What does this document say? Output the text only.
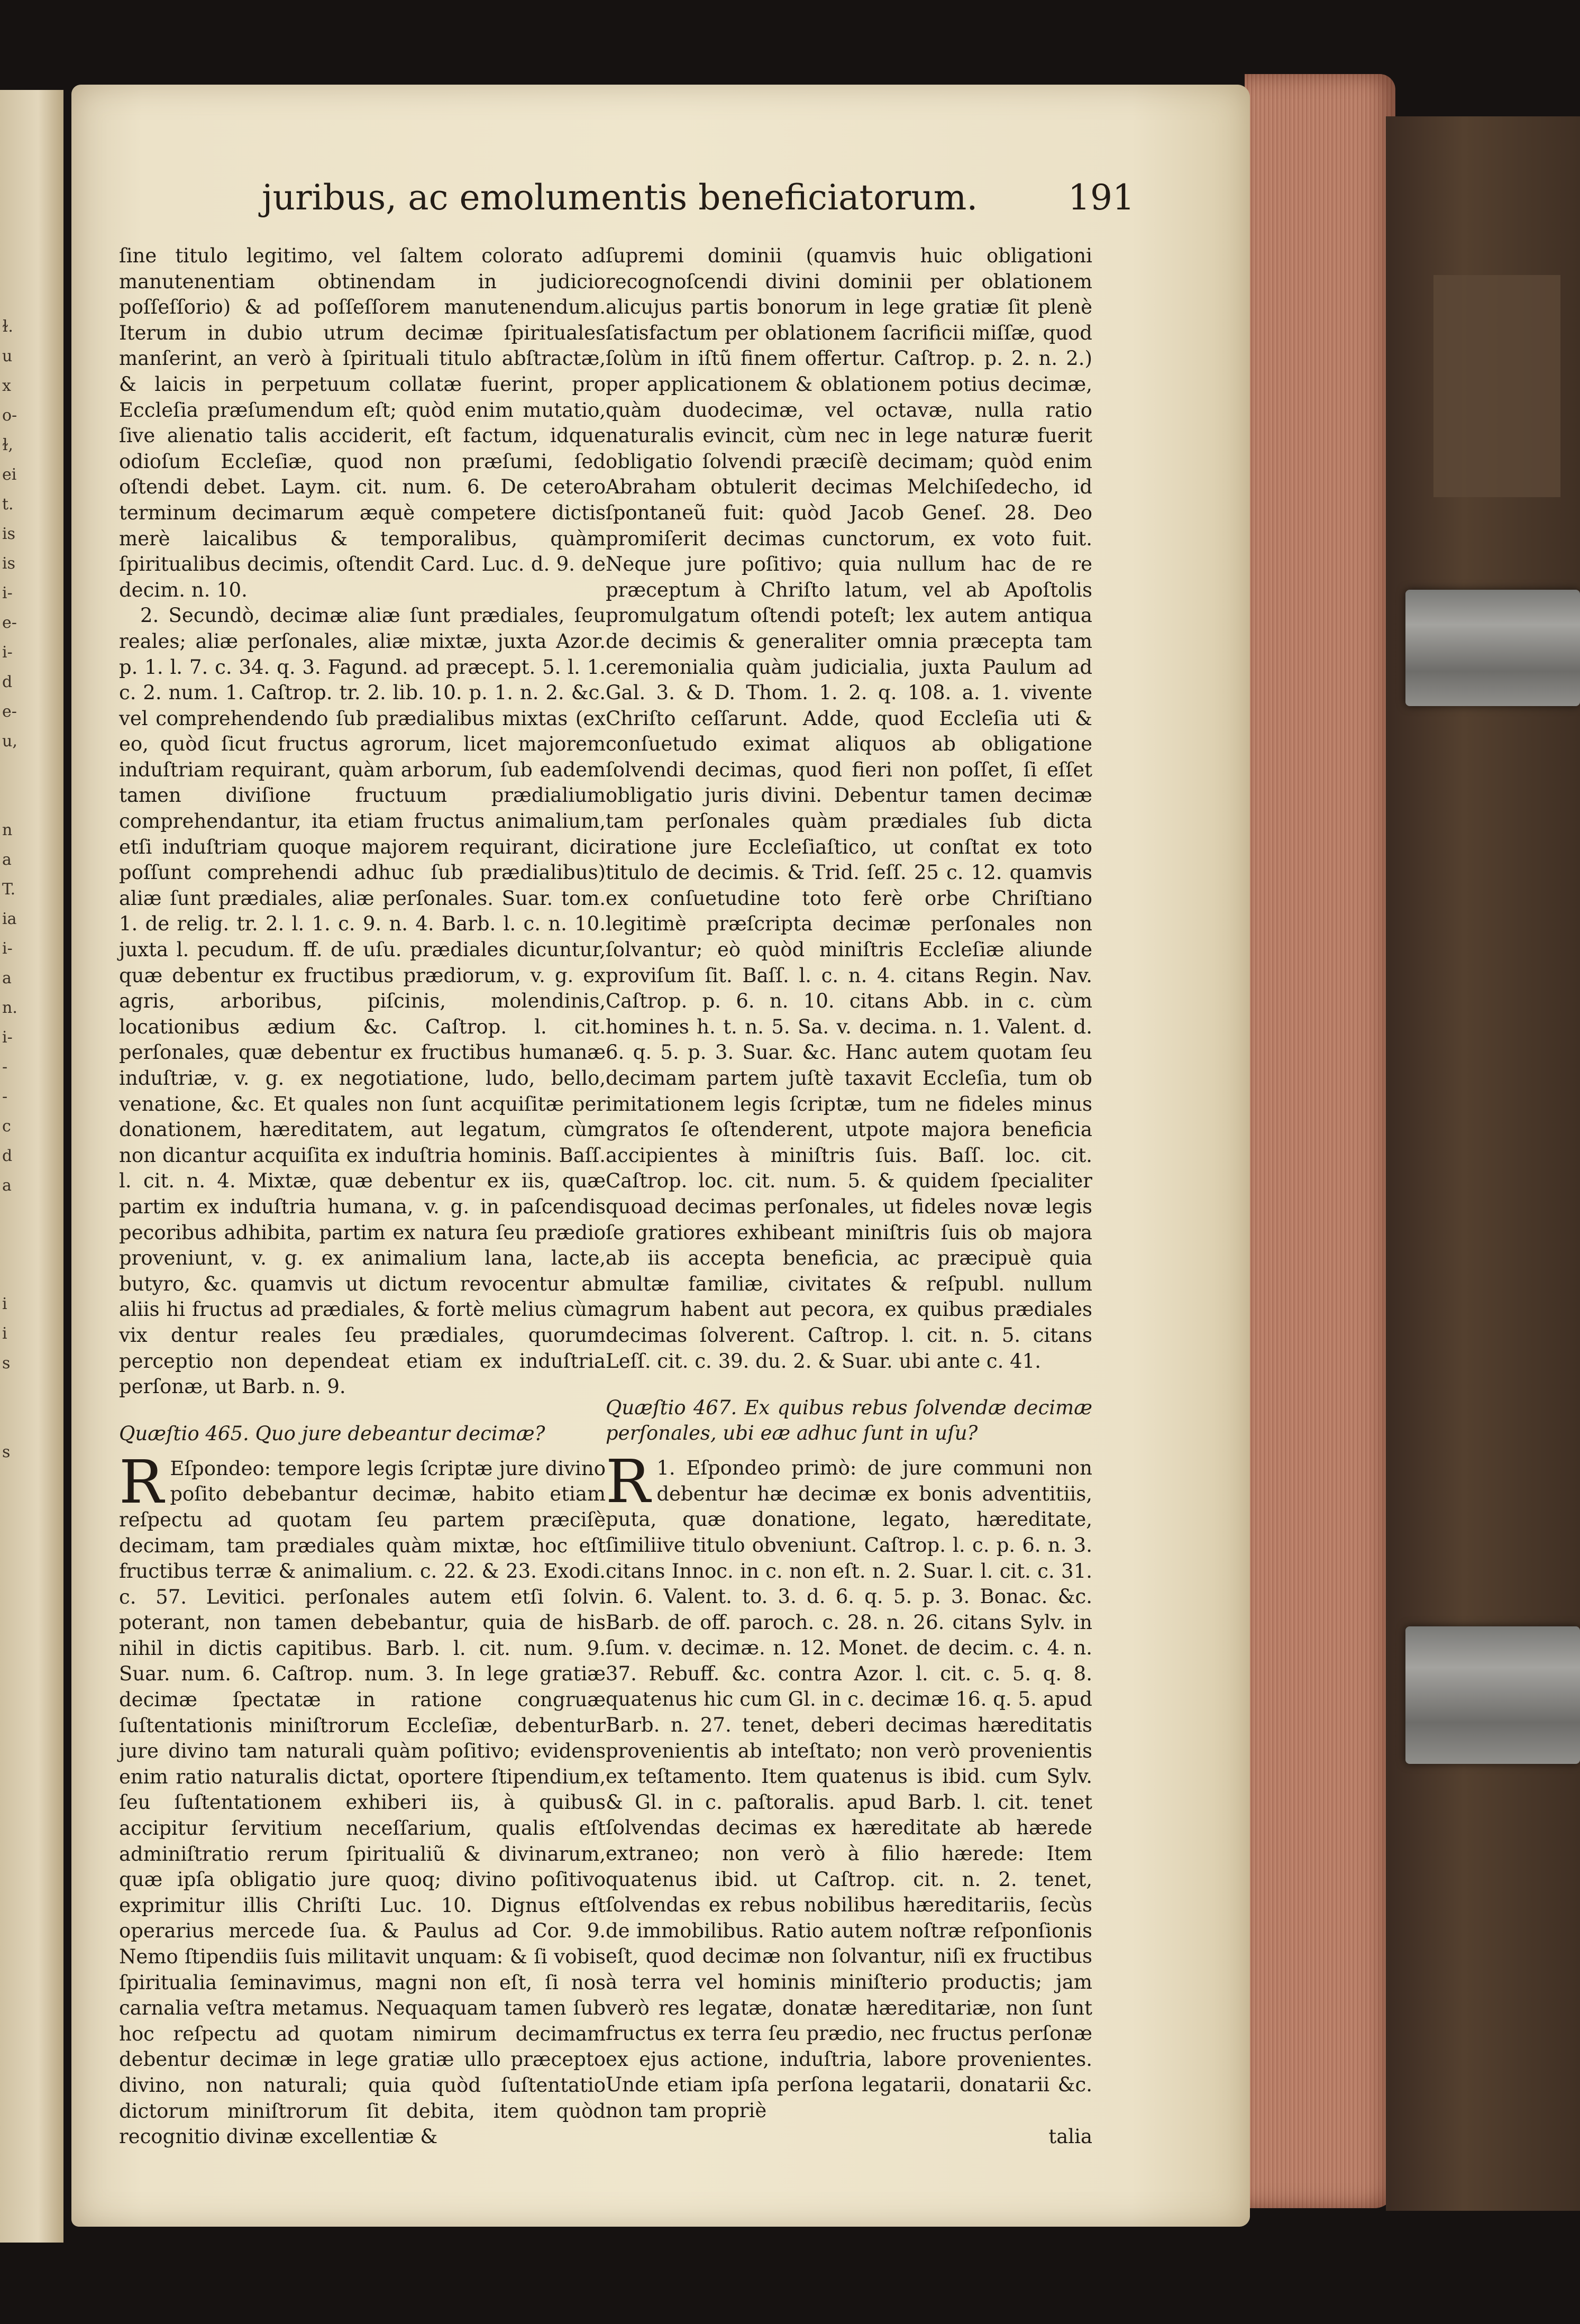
ɫ.
u
x
o-
ɫ,
ei
t.
is
is
i-
e-
i-
d
e-
u,

n
a
T.
ia
i-
a
n.
i-
-
-
c
d
a

i
i
s

s
juribus, ac emolumentis beneficiatorum.	191

ſine titulo legitimo, vel ſaltem colorato ad manutenentiam obtinendam in judicio poſſeſſorio) & ad poſſeſſorem manutenendum. Iterum in dubio utrum decimæ ſpirituales manſerint, an verò à ſpirituali titulo abſtractæ, & laicis in perpetuum collatæ fuerint, pro Eccleſia præſumendum eſt; quòd enim mutatio, ſive alienatio talis acciderit, eſt factum, idque odioſum Eccleſiæ, quod non præſumi, ſed oſtendi debet. Laym. cit. num. 6. De cetero terminum decimarum æquè competere dictis merè laicalibus & temporalibus, quàm ſpiritualibus decimis, oſtendit Card. Luc. d. 9. de decim. n. 10.

2. Secundò, decimæ aliæ ſunt prædiales, ſeu reales; aliæ perſonales, aliæ mixtæ, juxta Azor. p. 1. l. 7. c. 34. q. 3. Fagund. ad præcept. 5. l. 1. c. 2. num. 1. Caſtrop. tr. 2. lib. 10. p. 1. n. 2. &c. vel comprehendendo ſub prædialibus mixtas (ex eo, quòd ſicut fructus agrorum, licet majorem induſtriam requirant, quàm arborum, ſub eadem tamen diviſione fructuum prædialium comprehendantur, ita etiam fructus animalium, etſi induſtriam quoque majorem requirant, dici poſſunt comprehendi adhuc ſub prædialibus) aliæ ſunt prædiales, aliæ perſonales. Suar. tom. 1. de relig. tr. 2. l. 1. c. 9. n. 4. Barb. l. c. n. 10. juxta l. pecudum. ff. de uſu. prædiales dicuntur, quæ debentur ex fructibus prædiorum, v. g. ex agris, arboribus, piſcinis, molendinis, locationibus ædium &c. Caſtrop. l. cit. perſonales, quæ debentur ex fructibus humanæ induſtriæ, v. g. ex negotiatione, ludo, bello, venatione, &c. Et quales non ſunt acquiſitæ per donationem, hæreditatem, aut legatum, cùm non dicantur acquiſita ex induſtria hominis. Baſſ. l. cit. n. 4. Mixtæ, quæ debentur ex iis, quæ partim ex induſtria humana, v. g. in paſcendis pecoribus adhibita, partim ex natura ſeu prædio proveniunt, v. g. ex animalium lana, lacte, butyro, &c. quamvis ut dictum revocentur ab aliis hi fructus ad prædiales, & fortè melius cùm vix dentur reales ſeu prædiales, quorum perceptio non dependeat etiam ex induſtria perſonæ, ut Barb. n. 9.

Quæſtio 465. Quo jure debeantur decimæ?

R Eſpondeo: tempore legis ſcriptæ jure divino poſito debebantur decimæ, habito etiam reſpectu ad quotam ſeu partem præciſè decimam, tam prædiales quàm mixtæ, hoc eſt fructibus terræ & animalium. c. 22. & 23. Exodi. c. 57. Levitici. perſonales autem etſi ſolvi poterant, non tamen debebantur, quia de his nihil in dictis capitibus. Barb. l. cit. num. 9. Suar. num. 6. Caſtrop. num. 3. In lege gratiæ decimæ ſpectatæ in ratione congruæ ſuſtentationis miniſtrorum Eccleſiæ, debentur jure divino tam naturali quàm poſitivo; evidens enim ratio naturalis dictat, oportere ſtipendium, ſeu ſuſtentationem exhiberi iis, à quibus accipitur ſervitium neceſſarium, qualis eſt adminiſtratio rerum ſpiritualiũ & divinarum, quæ ipſa obligatio jure quoq; divino poſitivo exprimitur illis Chriſti Luc. 10. Dignus eſt operarius mercede ſua. & Paulus ad Cor. 9. Nemo ſtipendiis ſuis militavit unquam: & ſi vobis ſpiritualia ſeminavimus, magni non eſt, ſi nos carnalia veſtra metamus. Nequaquam tamen ſub hoc reſpectu ad quotam nimirum decimam debentur decimæ in lege gratiæ ullo præcepto divino, non naturali; quia quòd ſuſtentatio dictorum miniſtrorum ſit debita, item quòd recognitio divinæ excellentiæ &

ſupremi dominii (quamvis huic obligationi recognoſcendi divini dominii per oblationem alicujus partis bonorum in lege gratiæ ſit plenè ſatisfactum per oblationem ſacrificii miſſæ, quod ſolùm in iſtũ finem offertur. Caſtrop. p. 2. n. 2.) per applicationem & oblationem potius decimæ, quàm duodecimæ, vel octavæ, nulla ratio naturalis evincit, cùm nec in lege naturæ fuerit obligatio ſolvendi præciſè decimam; quòd enim Abraham obtulerit decimas Melchiſedecho, id ſpontaneũ fuit: quòd Jacob Geneſ. 28. Deo promiſerit decimas cunctorum, ex voto fuit. Neque jure poſitivo; quia nullum hac de re præceptum à Chriſto latum, vel ab Apoſtolis promulgatum oſtendi poteſt; lex autem antiqua de decimis & generaliter omnia præcepta tam ceremonialia quàm judicialia, juxta Paulum ad Gal. 3. & D. Thom. 1. 2. q. 108. a. 1. vivente Chriſto ceſſarunt. Adde, quod Eccleſia uti & conſuetudo eximat aliquos ab obligatione ſolvendi decimas, quod fieri non poſſet, ſi eſſet obligatio juris divini. Debentur tamen decimæ tam perſonales quàm prædiales ſub dicta ratione jure Eccleſiaſtico, ut conſtat ex toto titulo de decimis. & Trid. ſeſſ. 25 c. 12. quamvis ex conſuetudine toto ferè orbe Chriſtiano legitimè præſcripta decimæ perſonales non ſolvantur; eò quòd miniſtris Eccleſiæ aliunde proviſum ſit. Baſſ. l. c. n. 4. citans Regin. Nav. Caſtrop. p. 6. n. 10. citans Abb. in c. cùm homines h. t. n. 5. Sa. v. decima. n. 1. Valent. d. 6. q. 5. p. 3. Suar. &c. Hanc autem quotam ſeu decimam partem juſtè taxavit Eccleſia, tum ob imitationem legis ſcriptæ, tum ne fideles minus gratos ſe oſtenderent, utpote majora beneficia accipientes à miniſtris ſuis. Baſſ. loc. cit. Caſtrop. loc. cit. num. 5. & quidem ſpecialiter quoad decimas perſonales, ut fideles novæ legis ſe gratiores exhibeant miniſtris ſuis ob majora ab iis accepta beneficia, ac præcipuè quia multæ familiæ, civitates & reſpubl. nullum agrum habent aut pecora, ex quibus prædiales decimas ſolverent. Caſtrop. l. cit. n. 5. citans Leſſ. cit. c. 39. du. 2. & Suar. ubi ante c. 41.

Quæſtio 467. Ex quibus rebus ſolvendæ decimæ perſonales, ubi eæ adhuc ſunt in uſu?

R 1. Eſpondeo primò: de jure communi non debentur hæ decimæ ex bonis adventitiis, puta, quæ donatione, legato, hæreditate, ſimiliive titulo obveniunt. Caſtrop. l. c. p. 6. n. 3. citans Innoc. in c. non eſt. n. 2. Suar. l. cit. c. 31. n. 6. Valent. to. 3. d. 6. q. 5. p. 3. Bonac. &c. Barb. de off. paroch. c. 28. n. 26. citans Sylv. in ſum. v. decimæ. n. 12. Monet. de decim. c. 4. n. 37. Rebuff. &c. contra Azor. l. cit. c. 5. q. 8. quatenus hic cum Gl. in c. decimæ 16. q. 5. apud Barb. n. 27. tenet, deberi decimas hæreditatis provenientis ab inteſtato; non verò provenientis ex teſtamento. Item quatenus is ibid. cum Sylv. & Gl. in c. paſtoralis. apud Barb. l. cit. tenet ſolvendas decimas ex hæreditate ab hærede extraneo; non verò à filio hærede: Item quatenus ibid. ut Caſtrop. cit. n. 2. tenet, ſolvendas ex rebus nobilibus hæreditariis, ſecùs de immobilibus. Ratio autem noſtræ reſponſionis eſt, quod decimæ non ſolvantur, niſi ex fructibus à terra vel hominis miniſterio productis; jam verò res legatæ, donatæ hæreditariæ, non ſunt fructus ex terra ſeu prædio, nec fructus perſonæ ex ejus actione, induſtria, labore provenientes. Unde etiam ipſa perſona legatarii, donatarii &c. non tam propriè

talia
